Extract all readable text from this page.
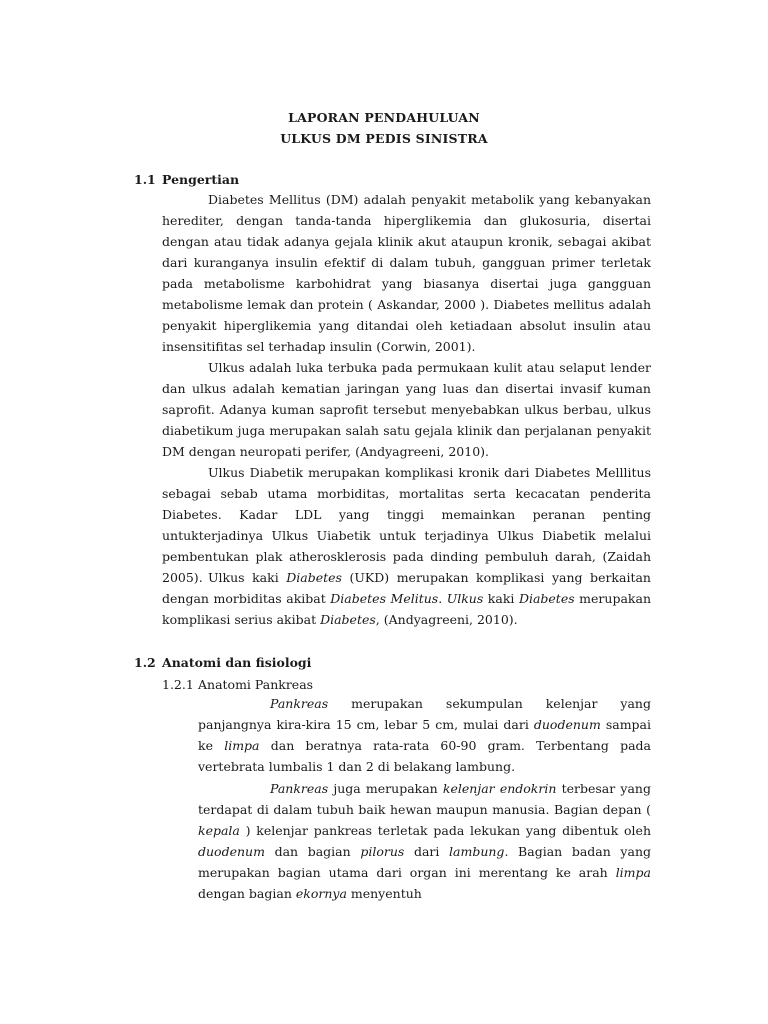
LAPORAN PENDAHULUAN
ULKUS DM PEDIS SINISTRA
1.1 Pengertian

Diabetes Mellitus (DM) adalah penyakit metabolik yang kebanyakan herediter, dengan tanda-tanda hiperglikemia dan glukosuria, disertai dengan atau tidak adanya gejala klinik akut ataupun kronik, sebagai akibat dari kuranganya insulin efektif di dalam tubuh, gangguan primer terletak pada metabolisme karbohidrat yang biasanya disertai juga gangguan metabolisme lemak dan protein ( Askandar, 2000 ). Diabetes mellitus adalah penyakit hiperglikemia yang ditandai oleh ketiadaan absolut insulin atau insensitifitas sel terhadap insulin (Corwin, 2001).

Ulkus adalah luka terbuka pada permukaan kulit atau selaput lender dan ulkus adalah kematian jaringan yang luas dan disertai invasif kuman saprofit. Adanya kuman saprofit tersebut menyebabkan ulkus berbau, ulkus diabetikum juga merupakan salah satu gejala klinik dan perjalanan penyakit DM dengan neuropati perifer, (Andyagreeni, 2010).

Ulkus Diabetik merupakan komplikasi kronik dari Diabetes Melllitus sebagai sebab utama morbiditas, mortalitas serta kecacatan penderita Diabetes. Kadar LDL yang tinggi memainkan peranan penting untukterjadinya Ulkus Uiabetik untuk terjadinya Ulkus Diabetik melalui pembentukan plak atherosklerosis pada dinding pembuluh darah, (Zaidah 2005). Ulkus kaki Diabetes (UKD) merupakan komplikasi yang berkaitan dengan morbiditas akibat Diabetes Melitus. Ulkus kaki Diabetes merupakan komplikasi serius akibat Diabetes, (Andyagreeni, 2010).

1.2 Anatomi dan fisiologi
1.2.1 Anatomi Pankreas

Pankreas merupakan sekumpulan kelenjar yang panjangnya kira-kira 15 cm, lebar 5 cm, mulai dari duodenum sampai ke limpa dan beratnya rata-rata 60-90 gram. Terbentang pada vertebrata lumbalis 1 dan 2 di belakang lambung.

Pankreas juga merupakan kelenjar endokrin terbesar yang terdapat di dalam tubuh baik hewan maupun manusia. Bagian depan ( kepala ) kelenjar pankreas terletak pada lekukan yang dibentuk oleh duodenum dan bagian pilorus dari lambung. Bagian badan yang merupakan bagian utama dari organ ini merentang ke arah limpa dengan bagian ekornya menyentuh
